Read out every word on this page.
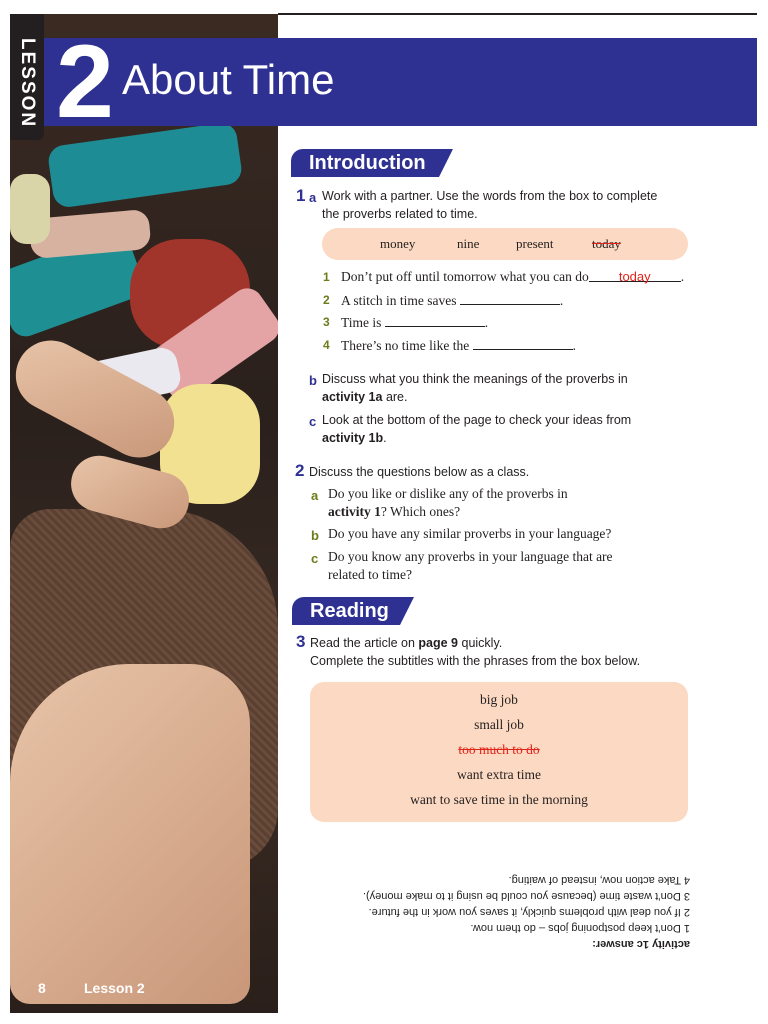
LESSON 2 About Time
Introduction
1 a Work with a partner. Use the words from the box to complete
the proverbs related to time.
money	nine	present	today
1 Don’t put off until tomorrow what you can do today .
2 A stitch in time saves	.
3 Time is	.
4 There’s no time like the	.
b Discuss what you think the meanings of the proverbs in
activity 1a are.
c Look at the bottom of the page to check your ideas from
activity 1b.
2 Discuss the questions below as a class.
a Do you like or dislike any of the proverbs in
activity 1? Which ones?
b Do you have any similar proverbs in your language?
c Do you know any proverbs in your language that are
related to time?
Reading
3 Read the article on page 9 quickly.
Complete the subtitles with the phrases from the box below.
big job
small job
too much to do
want extra time
want to save time in the morning
activity 1c answer:
1 Don’t keep postponing jobs – do them now.
2 If you deal with problems quickly, it saves you work in the future.
3 Don’t waste time (because you could be using it to make money).
4 Take action now, instead of waiting.
8	Lesson 2
